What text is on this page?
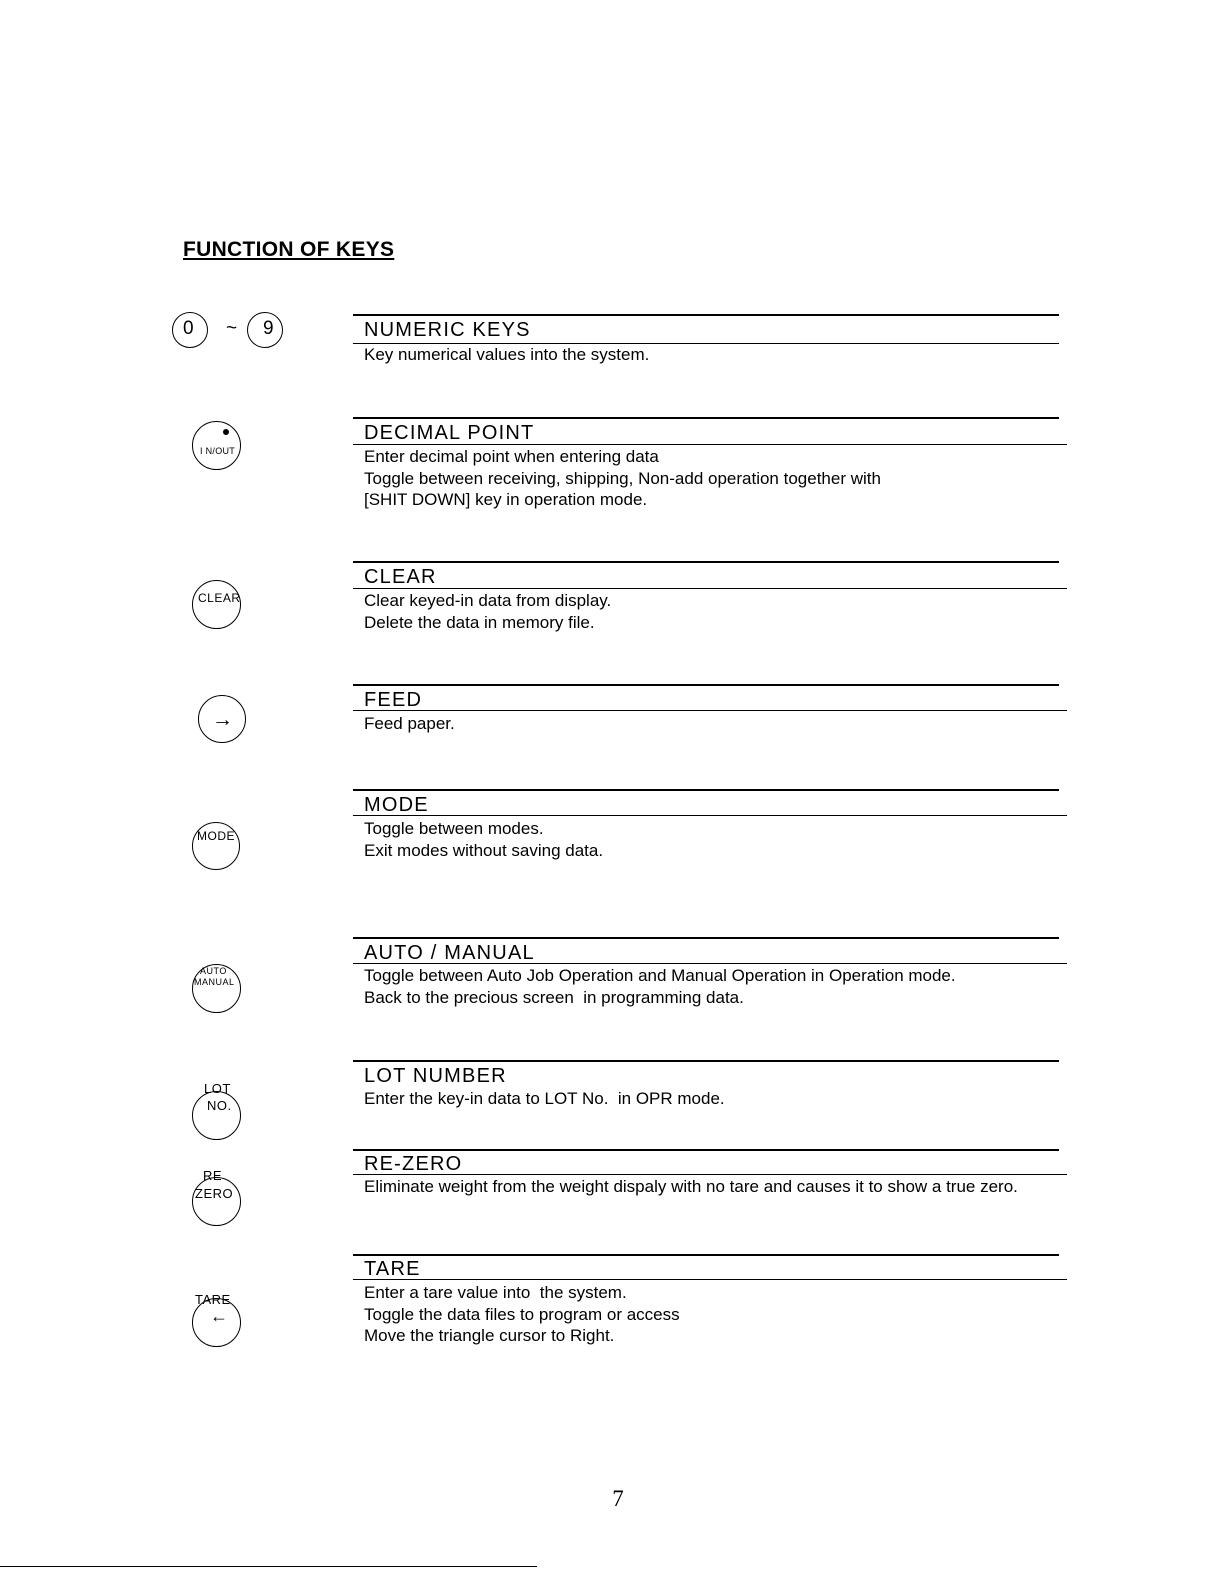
FUNCTION OF KEYS
0 ~ 9
I N/OUT
CLEAR
→
MODE
AUTO
MANUAL
LOT
NO.
RE
ZERO
TARE
←
NUMERIC KEYS
Key numerical values into the system.
DECIMAL POINT
Enter decimal point when entering data
Toggle between receiving, shipping, Non-add operation together with
[SHIT DOWN] key in operation mode.
CLEAR
Clear keyed-in data from display.
Delete the data in memory file.
FEED
Feed paper.
MODE
Toggle between modes.
Exit modes without saving data.
AUTO / MANUAL
Toggle between Auto Job Operation and Manual Operation in Operation mode.
Back to the precious screen  in programming data.
LOT NUMBER
Enter the key-in data to LOT No.  in OPR mode.
RE-ZERO
Eliminate weight from the weight dispaly with no tare and causes it to show a true zero.
TARE
Enter a tare value into  the system.
Toggle the data files to program or access
Move the triangle cursor to Right.
7
